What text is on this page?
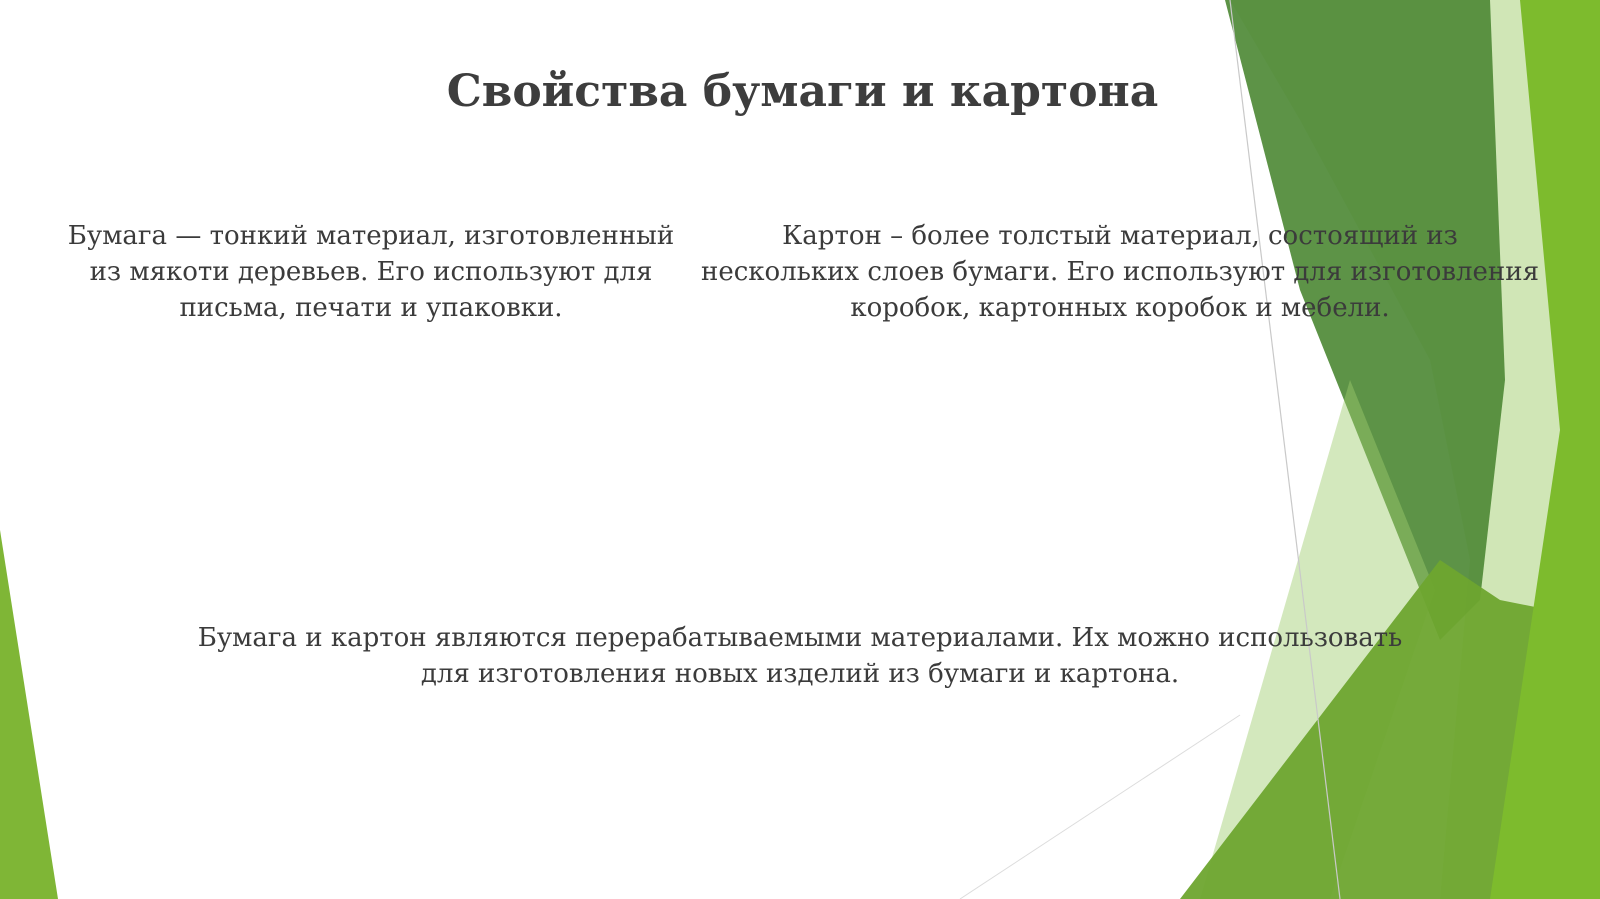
Свойства бумаги и картона

Бумага — тонкий материал, изготовленный из мякоти деревьев. Его используют для письма, печати и упаковки.

Картон – более толстый материал, состоящий из нескольких слоев бумаги. Его используют для изготовления коробок, картонных коробок и мебели.

Бумага и картон являются перерабатываемыми материалами. Их можно использовать для изготовления новых изделий из бумаги и картона.
